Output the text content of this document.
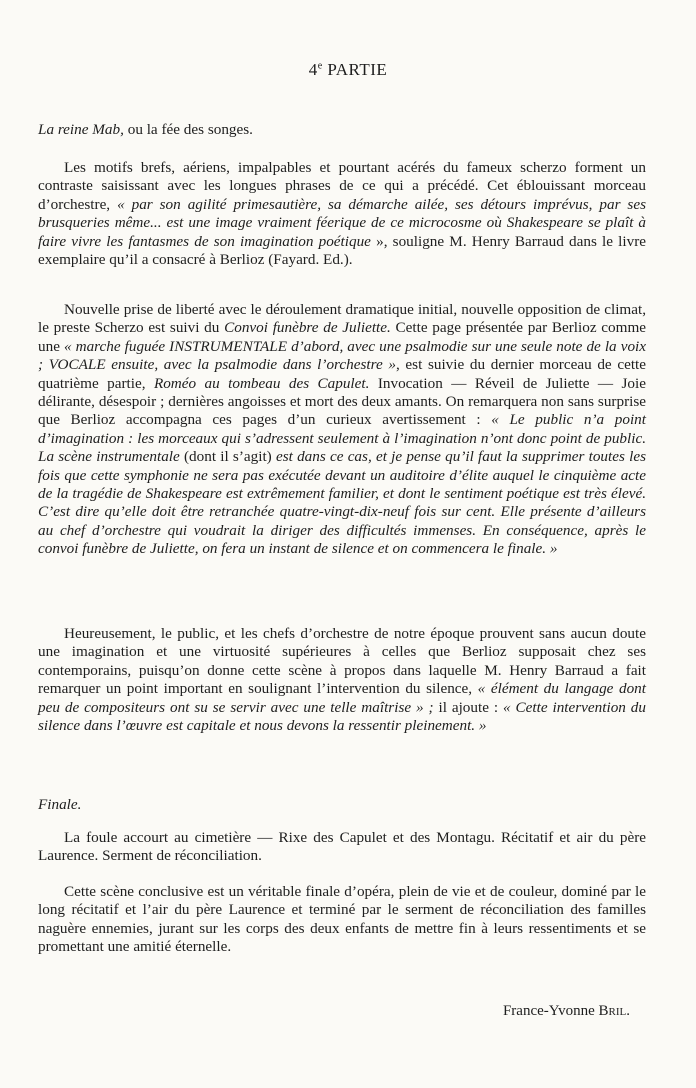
4e PARTIE
La reine Mab, ou la fée des songes.
Les motifs brefs, aériens, impalpables et pourtant acérés du fameux scherzo forment un contraste saisissant avec les longues phrases de ce qui a précédé. Cet éblouissant morceau d’orchestre, « par son agilité primesautière, sa démarche ailée, ses détours imprévus, par ses brusqueries même... est une image vraiment féerique de ce microcosme où Shakespeare se plaît à faire vivre les fantasmes de son imagination poétique », souligne M. Henry Barraud dans le livre exemplaire qu’il a consacré à Berlioz (Fayard. Ed.).
Nouvelle prise de liberté avec le déroulement dramatique initial, nouvelle opposition de climat, le preste Scherzo est suivi du Convoi funèbre de Juliette. Cette page présentée par Berlioz comme une « marche fuguée INSTRUMENTALE d’abord, avec une psalmodie sur une seule note de la voix ; VOCALE ensuite, avec la psalmodie dans l’orchestre », est suivie du dernier morceau de cette quatrième partie, Roméo au tombeau des Capulet. Invocation — Réveil de Juliette — Joie délirante, désespoir ; dernières angoisses et mort des deux amants. On remarquera non sans surprise que Berlioz accompagna ces pages d’un curieux avertissement : « Le public n’a point d’imagination : les morceaux qui s’adressent seulement à l’imagination n’ont donc point de public. La scène instrumentale (dont il s’agit) est dans ce cas, et je pense qu’il faut la supprimer toutes les fois que cette symphonie ne sera pas exécutée devant un auditoire d’élite auquel le cinquième acte de la tragédie de Shakespeare est extrêmement familier, et dont le sentiment poétique est très élevé. C’est dire qu’elle doit être retranchée quatre-vingt-dix-neuf fois sur cent. Elle présente d’ailleurs au chef d’orchestre qui voudrait la diriger des difficultés immenses. En conséquence, après le convoi funèbre de Juliette, on fera un instant de silence et on commencera le finale. »
Heureusement, le public, et les chefs d’orchestre de notre époque prouvent sans aucun doute une imagination et une virtuosité supérieures à celles que Berlioz supposait chez ses contemporains, puisqu’on donne cette scène à propos dans laquelle M. Henry Barraud a fait remarquer un point important en soulignant l’intervention du silence, « élément du langage dont peu de compositeurs ont su se servir avec une telle maîtrise » ; il ajoute : « Cette intervention du silence dans l’œuvre est capitale et nous devons la ressentir pleinement. »
Finale.
La foule accourt au cimetière — Rixe des Capulet et des Montagu. Récitatif et air du père Laurence. Serment de réconciliation.
Cette scène conclusive est un véritable finale d’opéra, plein de vie et de couleur, dominé par le long récitatif et l’air du père Laurence et terminé par le serment de réconciliation des familles naguère ennemies, jurant sur les corps des deux enfants de mettre fin à leurs ressentiments et se promettant une amitié éternelle.
France-Yvonne Bril.
